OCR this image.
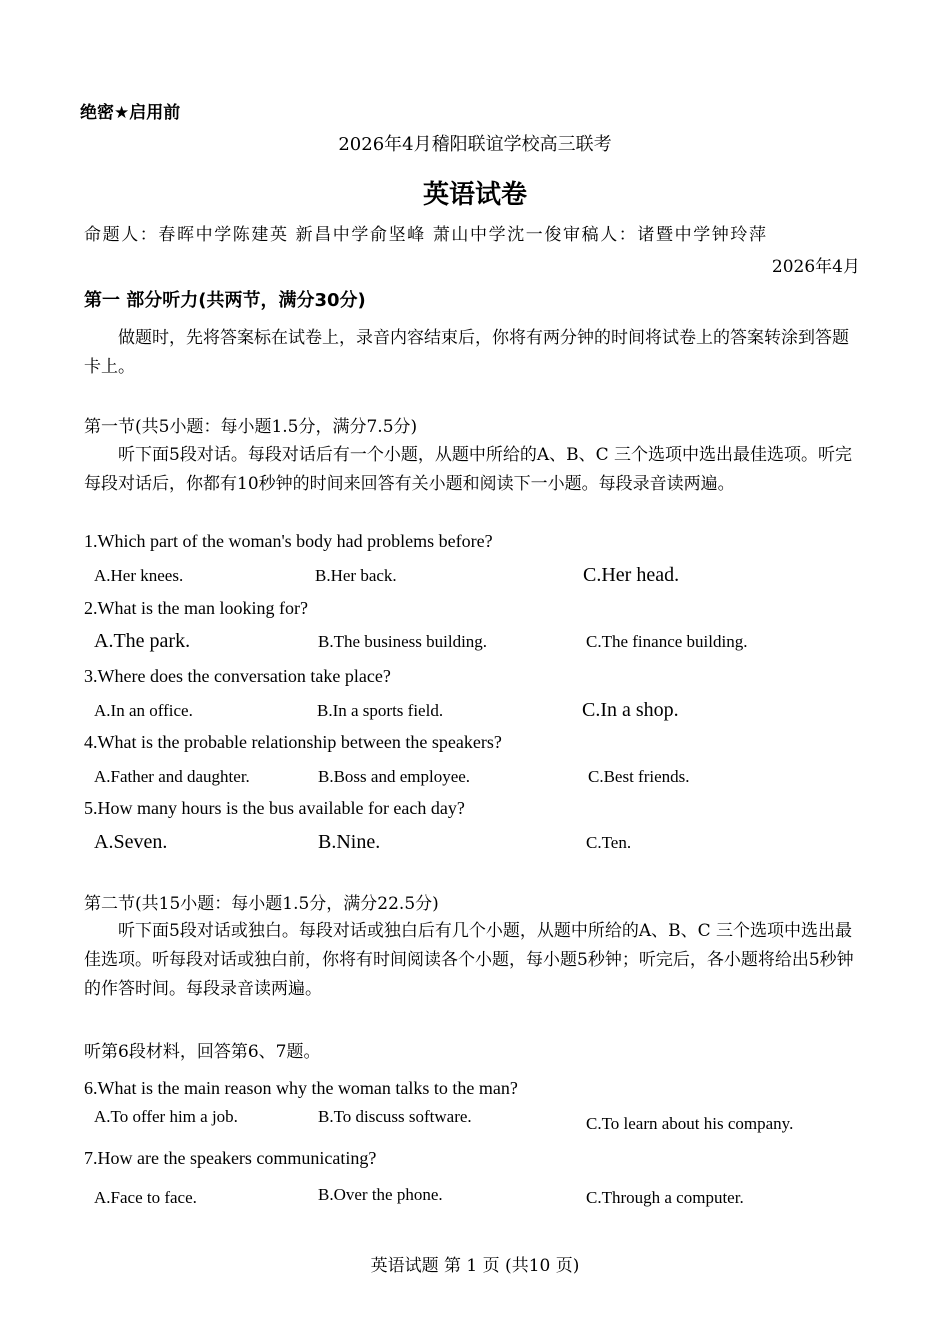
绝密★启用前
2026年4月稽阳联谊学校高三联考
英语试卷
命题人：春晖中学陈建英 新昌中学俞坚峰 萧山中学沈一俊审稿人：诸暨中学钟玲萍
2026年4月
第一 部分听力(共两节，满分30分)
做题时，先将答案标在试卷上，录音内容结束后，你将有两分钟的时间将试卷上的答案转涂到答题卡上。
第一节(共5小题：每小题1.5分，满分7.5分)
听下面5段对话。每段对话后有一个小题，从题中所给的A、B、C 三个选项中选出最佳选项。听完每段对话后，你都有10秒钟的时间来回答有关小题和阅读下一小题。每段录音读两遍。
1.Which part of the woman's body had problems before?
A.Her knees.	B.Her back.	C.Her head.
2.What is the man looking for?
A.The park.	B.The business building.	C.The finance building.
3.Where does the conversation take place?
A.In an office.	B.In a sports field.	C.In a shop.
4.What is the probable relationship between the speakers?
A.Father and daughter.	B.Boss and employee.	C.Best friends.
5.How many hours is the bus available for each day?
A.Seven.	B.Nine.	C.Ten.
第二节(共15小题：每小题1.5分，满分22.5分)
听下面5段对话或独白。每段对话或独白后有几个小题，从题中所给的A、B、C 三个选项中选出最佳选项。听每段对话或独白前，你将有时间阅读各个小题，每小题5秒钟；听完后，各小题将给出5秒钟的作答时间。每段录音读两遍。
听第6段材料，回答第6、7题。
6.What is the main reason why the woman talks to the man?
A.To offer him a job.	B.To discuss software.	C.To learn about his company.
7.How are the speakers communicating?
A.Face to face.	B.Over the phone.	C.Through a computer.
英语试题 第 1 页 (共10 页)
